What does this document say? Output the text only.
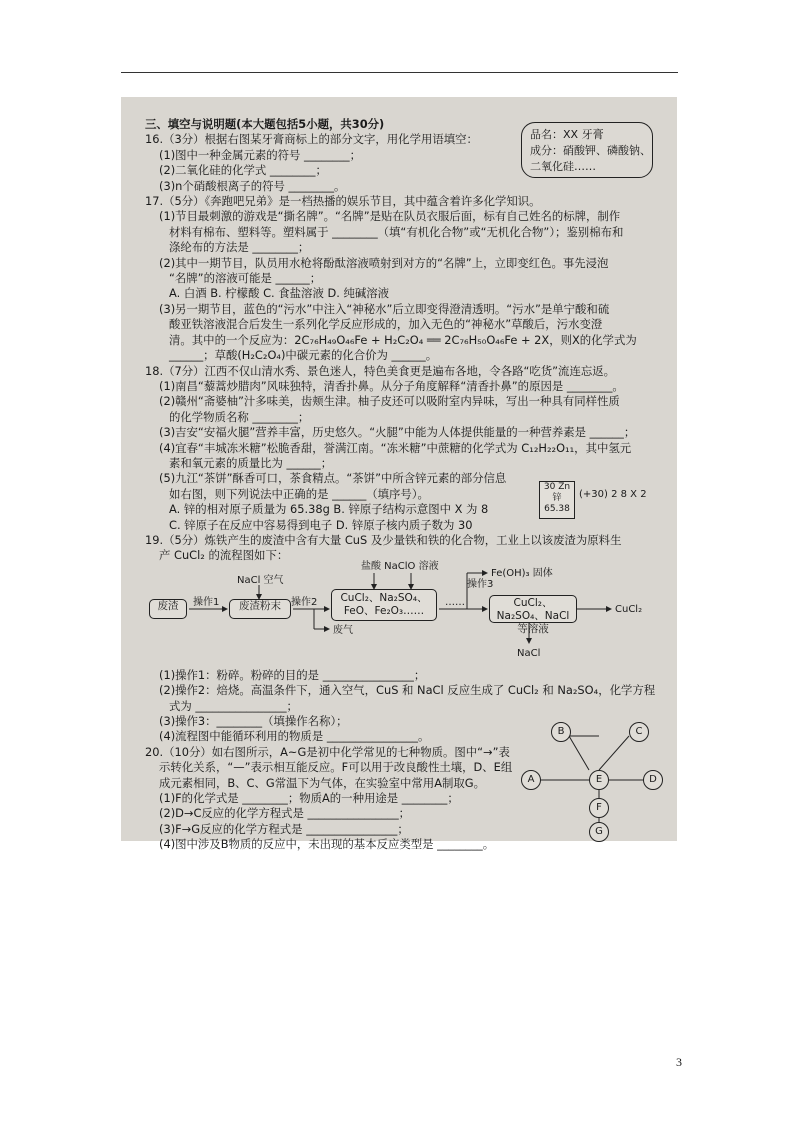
三、填空与说明题(本大题包括5小题，共30分)

16.（3分）根据右图某牙膏商标上的部分文字，用化学用语填空：

(1)图中一种金属元素的符号 ________；

(2)二氧化硅的化学式 ________；

(3)n个硝酸根离子的符号 ________。

17.（5分）《奔跑吧兄弟》是一档热播的娱乐节目，其中蕴含着许多化学知识。

(1)节目最刺激的游戏是“撕名牌”。“名牌”是贴在队员衣服后面，标有自己姓名的标牌，制作

材料有棉布、塑料等。塑料属于 ________（填“有机化合物”或“无机化合物”）；鉴别棉布和

涤纶布的方法是 ________；

(2)其中一期节目，队员用水枪将酚酞溶液喷射到对方的“名牌”上，立即变红色。事先浸泡

“名牌”的溶液可能是 ______；

A. 白酒 B. 柠檬酸 C. 食盐溶液 D. 纯碱溶液

(3)另一期节目，蓝色的“污水”中注入“神秘水”后立即变得澄清透明。“污水”是单宁酸和硫

酸亚铁溶液混合后发生一系列化学反应形成的，加入无色的“神秘水”草酸后，污水变澄

清。其中的一个反应为：2C₇₆H₄₉O₄₆Fe + H₂C₂O₄ ══ 2C₇₆H₅₀O₄₆Fe + 2X，则X的化学式为

______；草酸(H₂C₂O₄)中碳元素的化合价为 ______。

18.（7分）江西不仅山清水秀、景色迷人，特色美食更是遍布各地，令各路“吃货”流连忘返。

(1)南昌“藜蒿炒腊肉”风味独特，清香扑鼻。从分子角度解释“清香扑鼻”的原因是 ________。

(2)赣州“斋婆柚”汁多味美，齿颊生津。柚子皮还可以吸附室内异味，写出一种具有同样性质

的化学物质名称 ________；

(3)吉安“安福火腿”营养丰富，历史悠久。“火腿”中能为人体提供能量的一种营养素是 ______；

(4)宜春“丰城冻米糖”松脆香甜，誉满江南。“冻米糖”中蔗糖的化学式为 C₁₂H₂₂O₁₁，其中氢元

素和氧元素的质量比为 ______；

(5)九江“茶饼”酥香可口，茶食精点。“茶饼”中所含锌元素的部分信息

如右图，则下列说法中正确的是 ______（填序号）。

A. 锌的相对原子质量为 65.38g B. 锌原子结构示意图中 X 为 8

C. 锌原子在反应中容易得到电子 D. 锌原子核内质子数为 30

19.（5分）炼铁产生的废渣中含有大量 CuS 及少量铁和铁的化合物，工业上以该废渣为原料生

产 CuCl₂ 的流程图如下：

(1)操作1：粉碎。粉碎的目的是 ________________；

(2)操作2：焙烧。高温条件下，通入空气，CuS 和 NaCl 反应生成了 CuCl₂ 和 Na₂SO₄，化学方程

式为 ________________；

(3)操作3：________（填操作名称）；

(4)流程图中能循环利用的物质是 ________________。

20.（10分）如右图所示，A~G是初中化学常见的七种物质。图中“→”表

示转化关系，“—”表示相互能反应。F可以用于改良酸性土壤，D、E组

成元素相同，B、C、G常温下为气体，在实验室中常用A制取G。

(1)F的化学式是 ________；物质A的一种用途是 ________；

(2)D→C反应的化学方程式是 ________________；

(3)F→G反应的化学方程式是 ________________；

(4)图中涉及B物质的反应中，未出现的基本反应类型是 ________。

品名：XX 牙膏

成分：硝酸钾、磷酸钠、

二氧化硅……

30 Zn
锌
65.38
(+30) 2 8 X 2
废渣	操作1
NaCl 空气
废渣粉末	操作2
盐酸 NaClO 溶液
CuCl₂、Na₂SO₄、FeO、Fe₂O₃……
废气
……
操作3
Fe(OH)₃ 固体
CuCl₂、Na₂SO₄、NaCl 等溶液
CuCl₂
NaCl
B	C
A	E	D
F
G
3
